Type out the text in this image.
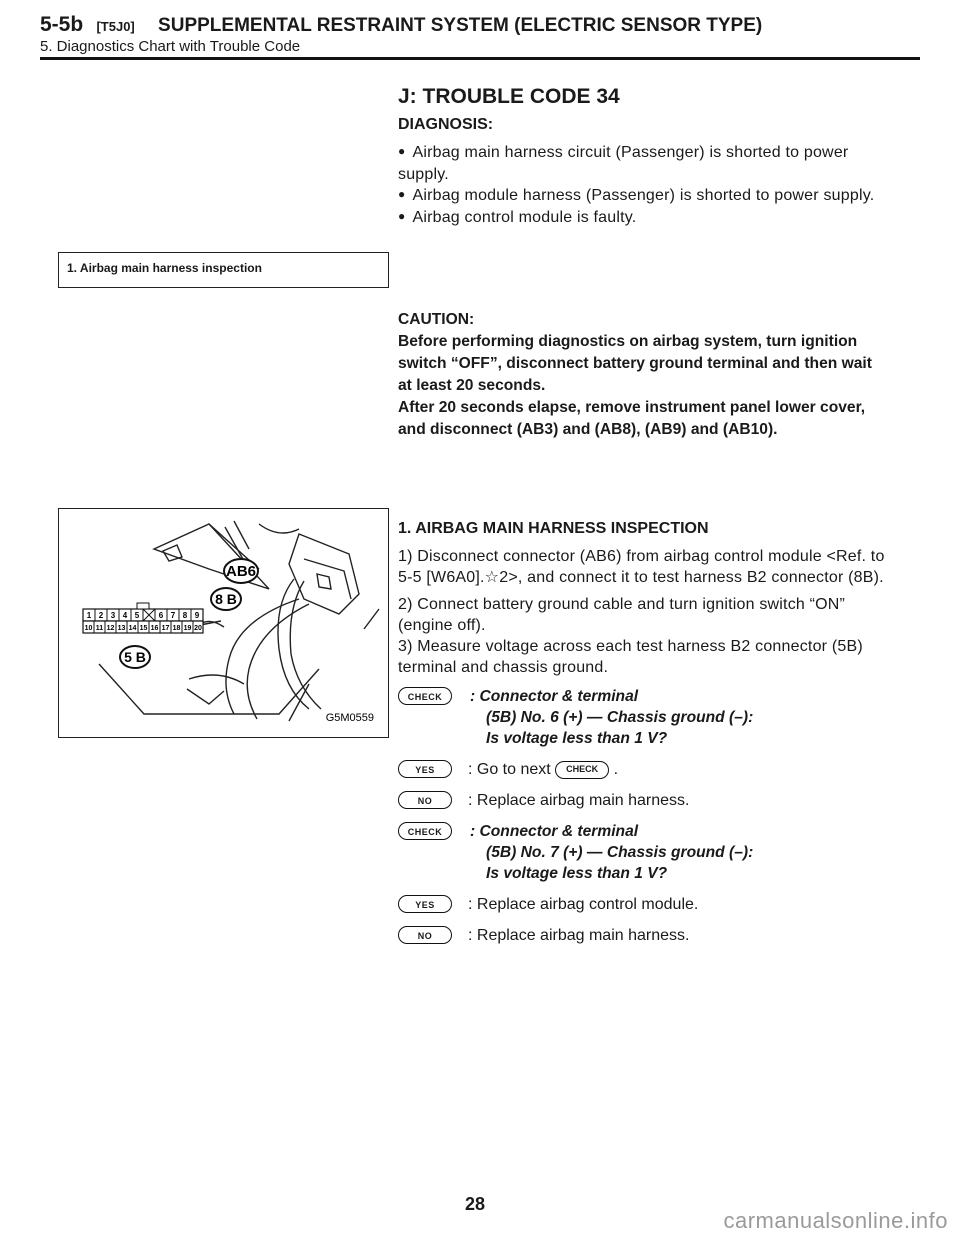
5-5b [T5J0] SUPPLEMENTAL RESTRAINT SYSTEM (ELECTRIC SENSOR TYPE)
5. Diagnostics Chart with Trouble Code
J: TROUBLE CODE 34
DIAGNOSIS:
● Airbag main harness circuit (Passenger) is shorted to power supply.
● Airbag module harness (Passenger) is shorted to power supply.
● Airbag control module is faulty.
1. Airbag main harness inspection
CAUTION:
Before performing diagnostics on airbag system, turn ignition switch “OFF”, disconnect battery ground terminal and then wait at least 20 seconds.
After 20 seconds elapse, remove instrument panel lower cover, and disconnect (AB3) and (AB8), (AB9) and (AB10).
AB6
8 B
5 B
1 2 3 4 5 6 7 8 9
10 11 12 13 14 15 16 17 18 19 20
G5M0559
1. AIRBAG MAIN HARNESS INSPECTION
1) Disconnect connector (AB6) from airbag control module <Ref. to 5-5 [W6A0].☆2>, and connect it to test harness B2 connector (8B).
2) Connect battery ground cable and turn ignition switch “ON” (engine off).
3) Measure voltage across each test harness B2 connector (5B) terminal and chassis ground.
CHECK	: Connector & terminal
(5B) No. 6 (+) — Chassis ground (–):
Is voltage less than 1 V?
YES	: Go to next CHECK .
NO	: Replace airbag main harness.
CHECK	: Connector & terminal
(5B) No. 7 (+) — Chassis ground (–):
Is voltage less than 1 V?
YES	: Replace airbag control module.
NO	: Replace airbag main harness.
28
carmanualsonline.info
